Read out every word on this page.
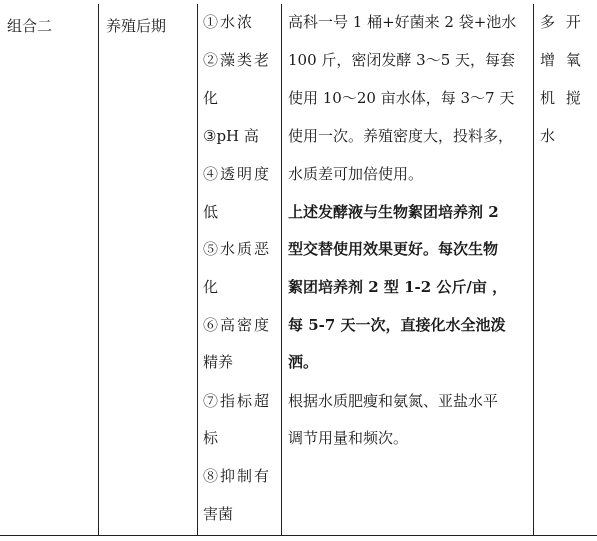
组合二	养殖后期 ①水浓
②藻类老
化
③pH 高
④透明度
低
⑤水质恶
化
⑥高密度
精养
⑦指标超
标
⑧抑制有
害菌
高科一号 1 桶+好菌来 2 袋+池水
100 斤，密闭发酵 3～5 天，每套
使用 10～20 亩水体，每 3～7 天
使用一次。养殖密度大，投料多，
水质差可加倍使用。
上述发酵液与生物絮团培养剂 2
型交替使用效果更好。每次生物
絮团培养剂 2 型 1-2 公斤/亩 ，
每 5-7 天一次，直接化水全池泼
洒。
根据水质肥瘦和氨氮、亚盐水平
调节用量和频次。
多 开
增 氧
机 搅
水
